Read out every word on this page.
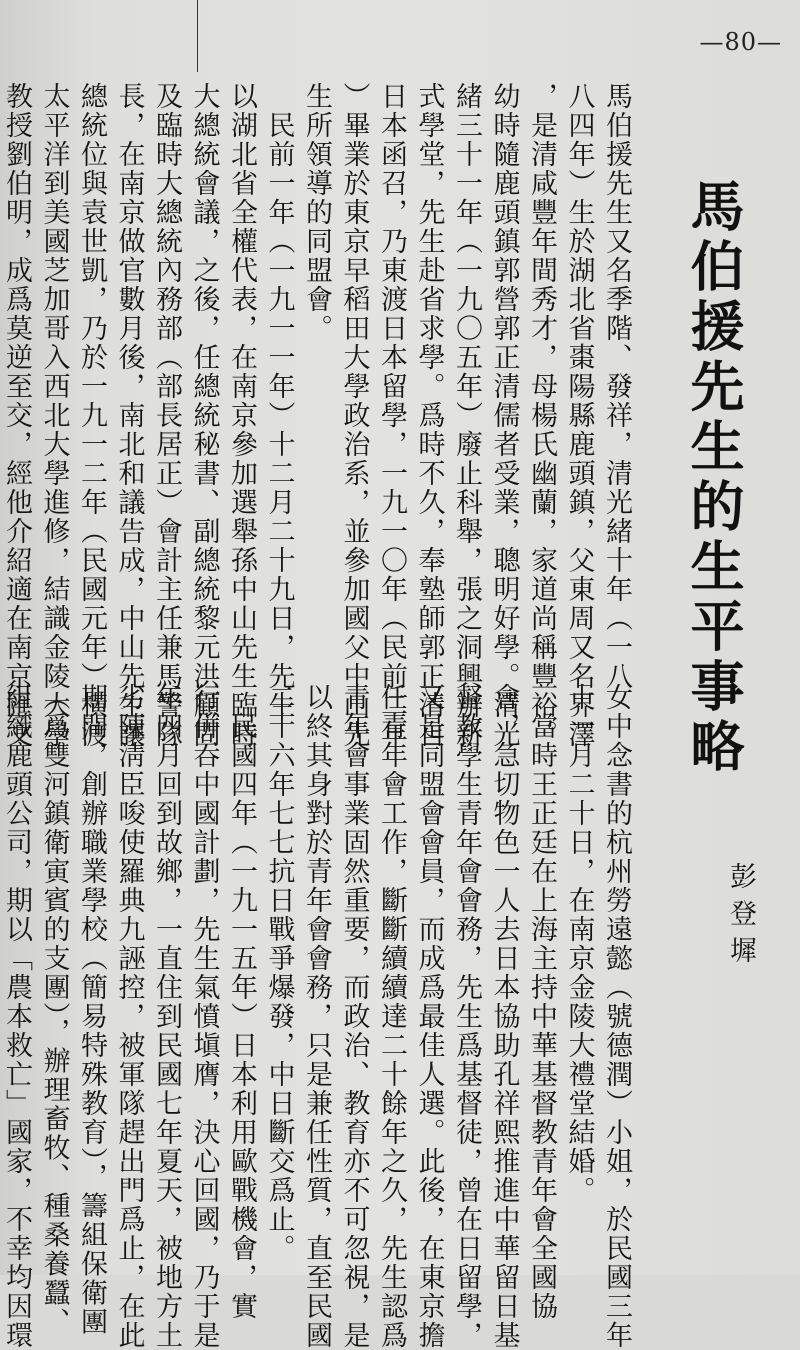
—80—
馬伯援先生的生平事略
彭登墀
馬伯援先生又名季階、發祥，清光緒十年（一八
八四年）生於湖北省棗陽縣鹿頭鎮，父東周又名界澤
，是清咸豐年間秀才，母楊氏幽蘭，家道尚稱豐裕。
幼時隨鹿頭鎮郭營郭正清儒者受業，聰明好學。清光
緒三十一年（一九〇五年）廢止科舉，張之洞興辦新
式學堂，先生赴省求學。爲時不久，奉塾師郭正清自
日本函召，乃東渡日本留學，一九一〇年（民前二年
）畢業於東京早稻田大學政治系，並參加國父中山先
生所領導的同盟會。
　民前一年（一九一一年）十二月二十九日，先生
以湖北省全權代表，在南京參加選舉孫中山先生臨時
大總統會議，之後，任總統秘書、副總統黎元洪顧問
及臨時大總統內務部（部長居正）會計主任兼馬警隊
長，在南京做官數月後，南北和議告成，中山先生讓
總統位與袁世凱，乃於一九一二年（民國元年）橫渡
太平洋到美國芝加哥入西北大學進修，結識金陵大學
教授劉伯明，成爲莫逆至交，經他介紹適在南京匯文
女中念書的杭州勞遠懿（號德潤）小姐，於民國三年
十一月二十日，在南京金陵大禮堂結婚。
　當時王正廷在上海主持中華基督教青年會全國協
會，急切物色一人去日本協助孔祥熙推進中華留日基
督教學生青年會會務，先生爲基督徒，曾在日留學，
又是同盟會會員，而成爲最佳人選。此後，在東京擔
任青年會工作，斷斷續續達二十餘年之久，先生認爲
青年會事業固然重要，而政治、教育亦不可忽視，是
以終其身對於青年會會務，只是兼任性質，直至民國
二十六年七七抗日戰爭爆發，中日斷交爲止。
　民國四年（一九一五年）日本利用歐戰機會，實
行併吞中國計劃，先生氣憤塡膺，決心回國，乃于是
年四月回到故鄉，一直住到民國七年夏天，被地方土
劣陳淸臣唆使羅典九誣控，被軍隊趕出門爲止，在此
期間，創辦職業學校（簡易特殊教育），籌組保衛團
（爲雙河鎮衛寅賓的支團），辦理畜牧、種桑養蠶、
組織鹿頭公司，期以「農本救亡」國家，不幸均因環
